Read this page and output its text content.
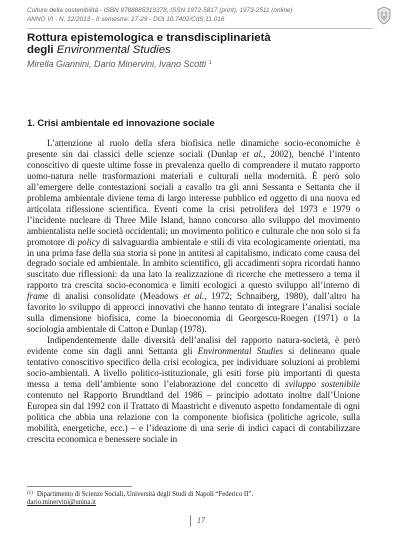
Culture della sostenibilità - ISBN 9788885313378, ISSN 1972-5817 (print), 1973-2511 (online)
ANNO VI - N. 12/2013 - II semestre: 17-29 - DOI 10.7402/CdS.11.016
Rottura epistemologica e transdisciplinarietà
degli Environmental Studies
Mirella Giannini, Dario Minervini, Ivano Scotti $^1$
1. Crisi ambientale ed innovazione sociale

L’attenzione al ruolo della sfera biofisica nelle dinamiche socio-economiche è presente sin dai classici delle scienze sociali (Dunlap et al., 2002), benché l’intento conoscitivo di queste ultime fosse in prevalenza quello di comprendere il mutato rapporto uomo-natura nelle trasformazioni materiali e culturali nella modernità. È però solo all’emergere delle contestazioni sociali a cavallo tra gli anni Sessanta e Settanta che il problema ambientale diviene tema di largo interesse pubblico ed oggetto di una nuova ed articolata riflessione scientifica. Eventi come la crisi petrolifera del 1973 e 1979 o l’incidente nucleare di Three Mile Island, hanno concorso allo sviluppo del movimento ambientalista nelle società occidentali; un movimento politico e culturale che non solo si fa promotore di policy di salvaguardia ambientale e stili di vita ecologicamente orientati, ma in una prima fase della sua storia si pone in antitesi al capitalismo, indicato come causa del degrado sociale ed ambientale. In ambito scientifico, gli accadimenti sopra ricordati hanno suscitato due riflessioni: da una lato la realizzazione di ricerche che mettessero a tema il rapporto tra crescita socio-economica e limiti ecologici a questo sviluppo all’interno di frame di analisi consolidate (Meadows et al., 1972; Schnaiberg, 1980), dall’altro ha favorito lo sviluppo di approcci innovativi che hanno tentato di integrare l’analisi sociale sulla dimensione biofisica, come la bioeconomia di Georgescu-Roegen (1971) o la sociologia ambientale di Catton e Dunlap (1978).

Indipendentemente dalle diversità dell’analisi del rapporto natura-società, è però evidente come sin dagli anni Settanta gli Environmental Studies si delineano quale tentativo conoscitivo specifico della crisi ecologica, per individuare soluzioni ai problemi socio-ambientali. A livello politico-istituzionale, gli esiti forse più importanti di questa messa a tema dell’ambiente sono l’elaborazione del concetto di sviluppo sostenibile contenuto nel Rapporto Brundtland del 1986 – principio adottato inoltre dall’Unione Europea sin dal 1992 con il Trattato di Maastricht e divenuto aspetto fondamentale di ogni politica che abbia una relazione con la componente biofisica (politiche agricole, sulla mobilità, energetiche, ecc.) – e l’ideazione di una serie di indici capaci di contabilizzare crescita economica e benessere sociale in

$^{(1)}$ Dipartimento di Scienze Sociali, Università degli Studi di Napoli “Federico II”.
dario.minervini@unina.it
17
